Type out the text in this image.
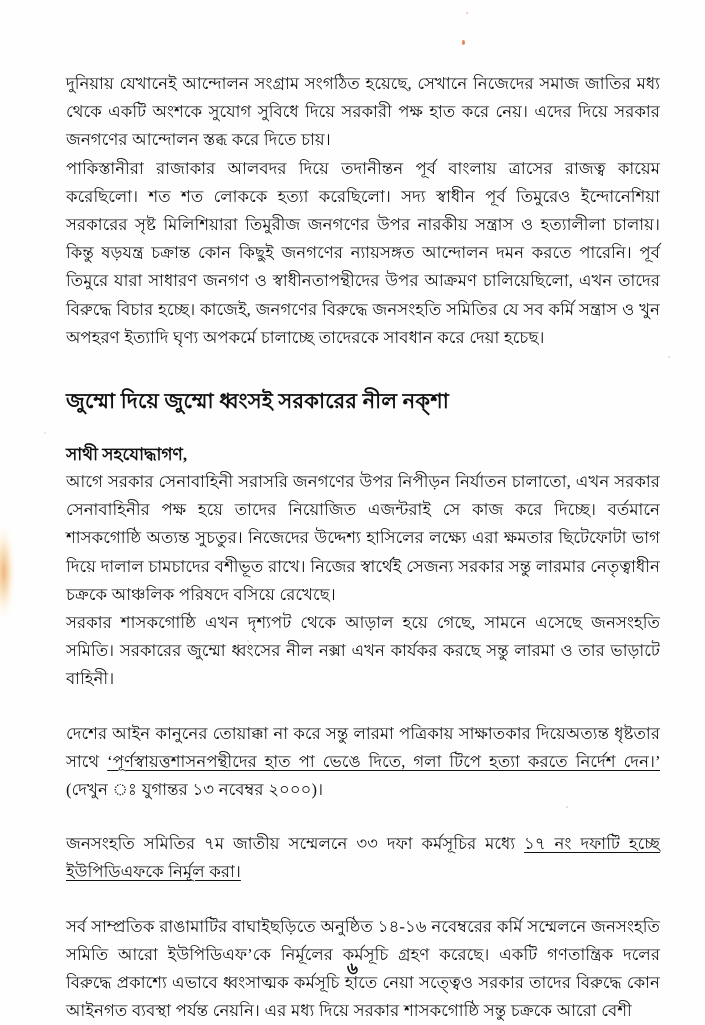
দুনিয়ায় যেখানেই আন্দোলন সংগ্রাম সংগঠিত হয়েছে, সেখানে নিজেদের সমাজ জাতির মধ্য থেকে একটি অংশকে সুযোগ সুবিধে দিয়ে সরকারী পক্ষ হাত করে নেয়। এদের দিয়ে সরকার জনগণের আন্দোলন স্তব্ধ করে দিতে চায়।

পাকিস্তানীরা রাজাকার আলবদর দিয়ে তদানীন্তন পূর্ব বাংলায় ত্রাসের রাজত্ব কায়েম করেছিলো। শত শত লোককে হত্যা করেছিলো। সদ্য স্বাধীন পূর্ব তিমুরেও ইন্দোনেশিয়া সরকারের সৃষ্ট মিলিশিয়ারা তিমুরীজ জনগণের উপর নারকীয় সন্ত্রাস ও হত্যালীলা চালায়। কিন্তু ষড়যন্ত্র চক্রান্ত কোন কিছুই জনগণের ন্যায়সঙ্গত আন্দোলন দমন করতে পারেনি। পূর্ব তিমুরে যারা সাধারণ জনগণ ও স্বাধীনতাপন্থীদের উপর আক্রমণ চালিয়েছিলো, এখন তাদের বিরুদ্ধে বিচার হচ্ছে। কাজেই, জনগণের বিরুদ্ধে জনসংহতি সমিতির যে সব কর্মি সন্ত্রাস ও খুন অপহরণ ইত্যাদি ঘৃণ্য অপকর্মে চালাচ্ছে তাদেরকে সাবধান করে দেয়া হচেছ।

জুম্মো দিয়ে জুম্মো ধ্বংসই সরকারের নীল নক্শা

সাথী সহযোদ্ধাগণ,

আগে সরকার সেনাবাহিনী সরাসরি জনগণের উপর নিপীড়ন নির্যাতন চালাতো, এখন সরকার সেনাবাহিনীর পক্ষ হয়ে তাদের নিয়োজিত এজন্টরাই সে কাজ করে দিচ্ছে। বর্তমানে শাসকগোষ্ঠি অত্যন্ত সুচতুর। নিজেদের উদ্দেশ্য হাসিলের লক্ষ্যে এরা ক্ষমতার ছিটেফোটা ভাগ দিয়ে দালাল চামচাদের বশীভূত রাখে। নিজের স্বার্থেই সেজন্য সরকার সন্তু লারমার নেতৃত্বাধীন চক্রকে আঞ্চলিক পরিষদে বসিয়ে রেখেছে।

সরকার শাসকগোষ্ঠি এখন দৃশ্যপট থেকে আড়াল হয়ে গেছে, সামনে এসেছে জনসংহতি সমিতি। সরকারের জুম্মো ধ্বংসের নীল নক্সা এখন কার্যকর করছে সন্তু লারমা ও তার ভাড়াটে বাহিনী।

দেশের আইন কানুনের তোয়াক্কা না করে সন্তু লারমা পত্রিকায় সাক্ষাতকার দিয়েঅত্যন্ত ধৃষ্টতার সাথে ‘পূর্ণস্বায়ত্তশাসনপন্থীদের হাত পা ভেঙে দিতে, গলা টিপে হত্যা করতে নির্দেশ দেন।’ (দেখুন ঃ যুগান্তর ১৩ নবেম্বর ২০০০)।

জনসংহতি সমিতির ৭ম জাতীয় সম্মেলনে ৩৩ দফা কর্মসূচির মধ্যে ১৭ নং দফাটি হচ্ছে ইউপিডিএফকে নির্মূল করা।

সর্ব সাম্প্রতিক রাঙামাটির বাঘাইছড়িতে অনুষ্ঠিত ১৪-১৬ নবেম্বরের কর্মি সম্মেলনে জনসংহতি সমিতি আরো ইউপিডিএফ’কে নির্মূলের কর্মসূচি গ্রহণ করেছে। একটি গণতান্ত্রিক দলের বিরুদ্ধে প্রকাশ্যে এভাবে ধ্বংসাত্মক কর্মসূচি হাতে নেয়া সত্ত্বেও সরকার তাদের বিরুদ্ধে কোন আইনগত ব্যবস্থা পর্যন্ত নেয়নি। এর মধ্য দিয়ে সরকার শাসকগোষ্ঠি সন্তু চক্রকে আরো বেশী

৬
